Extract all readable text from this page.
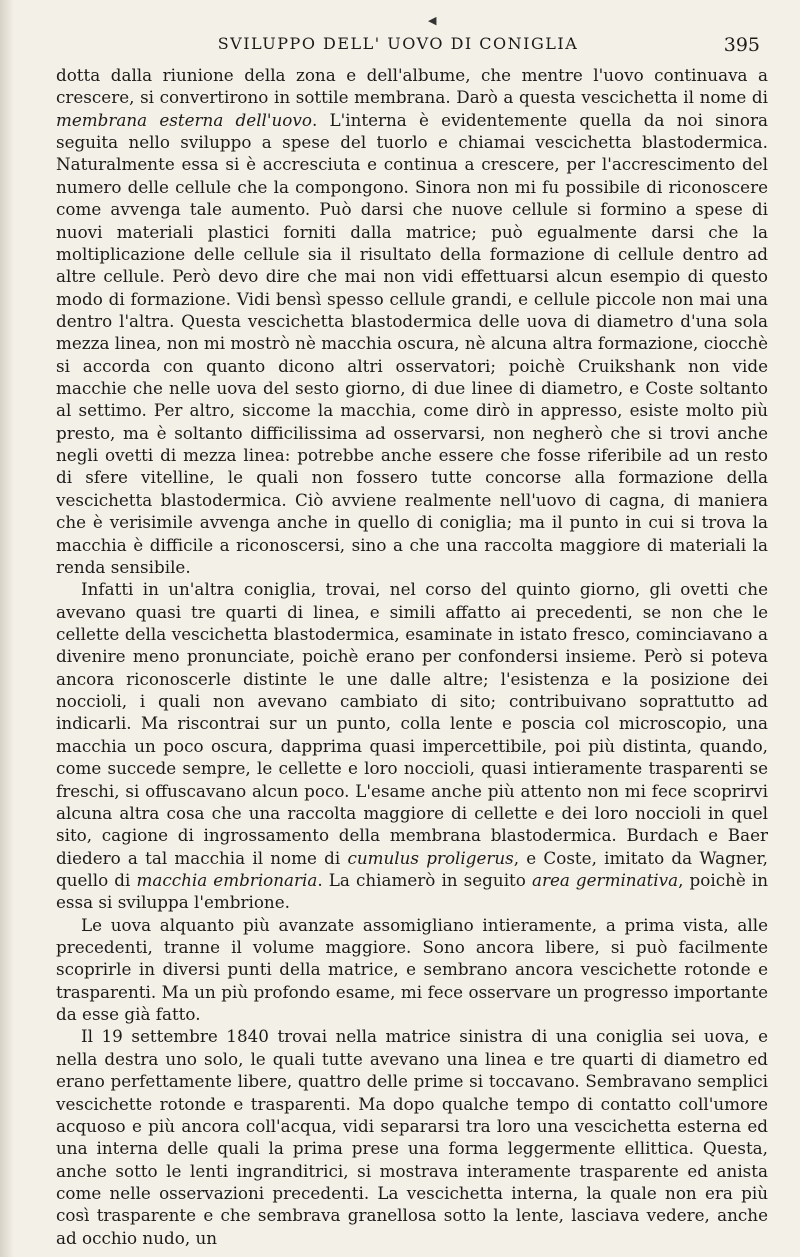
◀
SVILUPPO DELL' UOVO DI CONIGLIA	395

dotta dalla riunione della zona e dell'albume, che mentre l'uovo continuava a crescere, si convertirono in sottile membrana. Darò a questa vescichetta il nome di membrana esterna dell'uovo. L'interna è evidentemente quella da noi sinora seguita nello sviluppo a spese del tuorlo e chiamai vescichetta blastodermica. Naturalmente essa si è accresciuta e continua a crescere, per l'accrescimento del numero delle cellule che la compongono. Sinora non mi fu possibile di riconoscere come avvenga tale aumento. Può darsi che nuove cellule si formino a spese di nuovi materiali plastici forniti dalla matrice; può egualmente darsi che la moltiplicazione delle cellule sia il risultato della formazione di cellule dentro ad altre cellule. Però devo dire che mai non vidi effettuarsi alcun esempio di questo modo di formazione. Vidi bensì spesso cellule grandi, e cellule piccole non mai una dentro l'altra. Questa vescichetta blastodermica delle uova di diametro d'una sola mezza linea, non mi mostrò nè macchia oscura, nè alcuna altra formazione, ciocchè si accorda con quanto dicono altri osservatori; poichè Cruikshank non vide macchie che nelle uova del sesto giorno, di due linee di diametro, e Coste soltanto al settimo. Per altro, siccome la macchia, come dirò in appresso, esiste molto più presto, ma è soltanto difficilissima ad osservarsi, non negherò che si trovi anche negli ovetti di mezza linea: potrebbe anche essere che fosse riferibile ad un resto di sfere vitelline, le quali non fossero tutte concorse alla formazione della vescichetta blastodermica. Ciò avviene realmente nell'uovo di cagna, di maniera che è verisimile avvenga anche in quello di coniglia; ma il punto in cui si trova la macchia è difficile a riconoscersi, sino a che una raccolta maggiore di materiali la renda sensibile.

Infatti in un'altra coniglia, trovai, nel corso del quinto giorno, gli ovetti che avevano quasi tre quarti di linea, e simili affatto ai precedenti, se non che le cellette della vescichetta blastodermica, esaminate in istato fresco, cominciavano a divenire meno pronunciate, poichè erano per confondersi insieme. Però si poteva ancora riconoscerle distinte le une dalle altre; l'esistenza e la posizione dei noccioli, i quali non avevano cambiato di sito; contribuivano soprattutto ad indicarli. Ma riscontrai sur un punto, colla lente e poscia col microscopio, una macchia un poco oscura, dapprima quasi impercettibile, poi più distinta, quando, come succede sempre, le cellette e loro noccioli, quasi intieramente trasparenti se freschi, si offuscavano alcun poco. L'esame anche più attento non mi fece scoprirvi alcuna altra cosa che una raccolta maggiore di cellette e dei loro noccioli in quel sito, cagione di ingrossamento della membrana blastodermica. Burdach e Baer diedero a tal macchia il nome di cumulus proligerus, e Coste, imitato da Wagner, quello di macchia embrionaria. La chiamerò in seguito area germinativa, poichè in essa si sviluppa l'embrione.

Le uova alquanto più avanzate assomigliano intieramente, a prima vista, alle precedenti, tranne il volume maggiore. Sono ancora libere, si può facilmente scoprirle in diversi punti della matrice, e sembrano ancora vescichette rotonde e trasparenti. Ma un più profondo esame, mi fece osservare un progresso importante da esse già fatto.

Il 19 settembre 1840 trovai nella matrice sinistra di una coniglia sei uova, e nella destra uno solo, le quali tutte avevano una linea e tre quarti di diametro ed erano perfettamente libere, quattro delle prime si toccavano. Sembravano semplici vescichette rotonde e trasparenti. Ma dopo qualche tempo di contatto coll'umore acquoso e più ancora coll'acqua, vidi separarsi tra loro una vescichetta esterna ed una interna delle quali la prima prese una forma leggermente ellittica. Questa, anche sotto le lenti ingranditrici, si mostrava interamente trasparente ed anista come nelle osservazioni precedenti. La vescichetta interna, la quale non era più così trasparente e che sembrava granellosa sotto la lente, lasciava vedere, anche ad occhio nudo, un
